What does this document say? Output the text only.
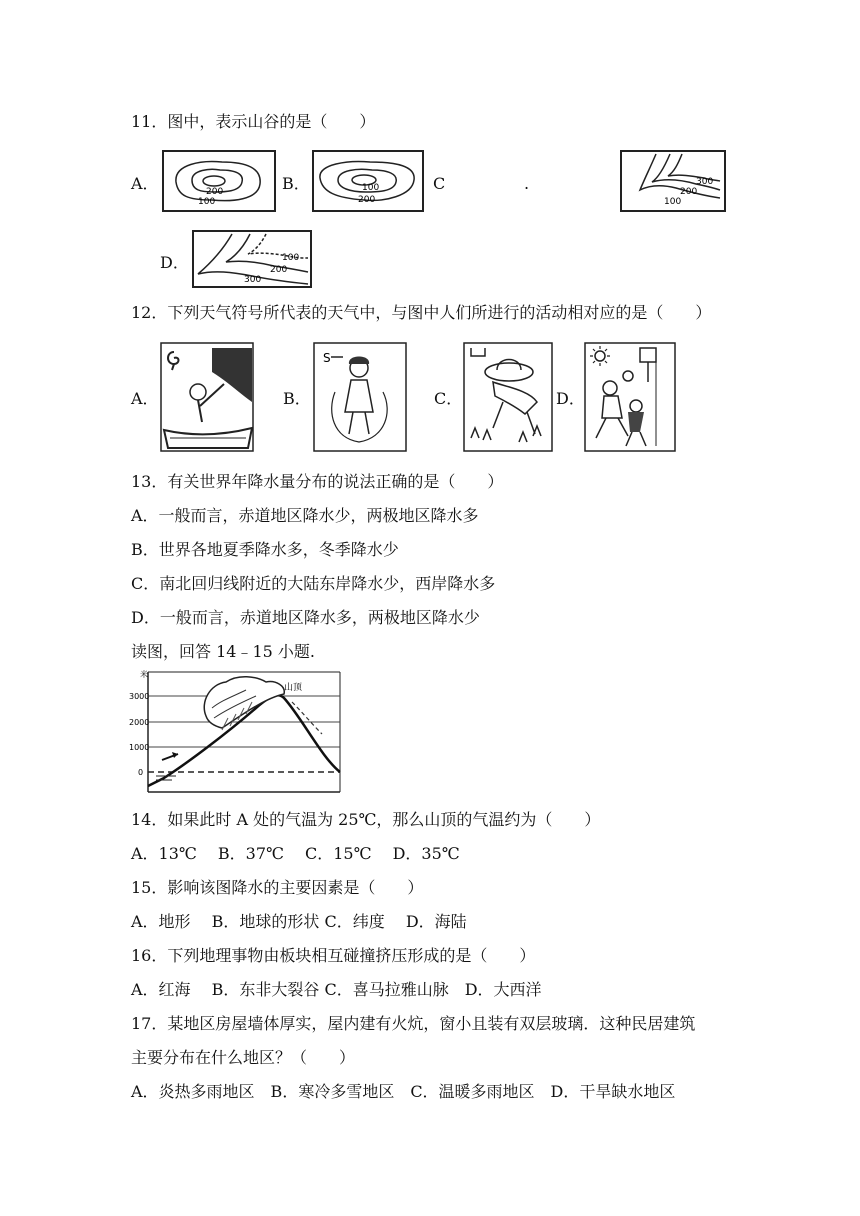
11．图中，表示山谷的是（　　）
A．	200
100
B．	100
200
C	.	300
200
100
D．	100
200
300
12．下列天气符号所代表的天气中，与图中人们所进行的活动相对应的是（　　）
A．	B．
S
C．	D．
13．有关世界年降水量分布的说法正确的是（　　）
A．一般而言，赤道地区降水少，两极地区降水多
B．世界各地夏季降水多，冬季降水少
C．南北回归线附近的大陆东岸降水少，西岸降水多
D．一般而言，赤道地区降水多，两极地区降水少
读图，回答 14﹣15 小题.
米
3000
2000
1000
0
山顶
14．如果此时 A 处的气温为 25℃，那么山顶的气温约为（　　）
A．13℃　 B．37℃　 C．15℃　 D．35℃
15．影响该图降水的主要因素是（　　）
A．地形　 B．地球的形状 C．纬度　 D．海陆
16．下列地理事物由板块相互碰撞挤压形成的是（　　）
A．红海　 B．东非大裂谷 C．喜马拉雅山脉　D．大西洋
17．某地区房屋墙体厚实，屋内建有火炕，窗小且装有双层玻璃．这种民居建筑
主要分布在什么地区？（　　）
A．炎热多雨地区　B．寒冷多雪地区　C．温暖多雨地区　D．干旱缺水地区
